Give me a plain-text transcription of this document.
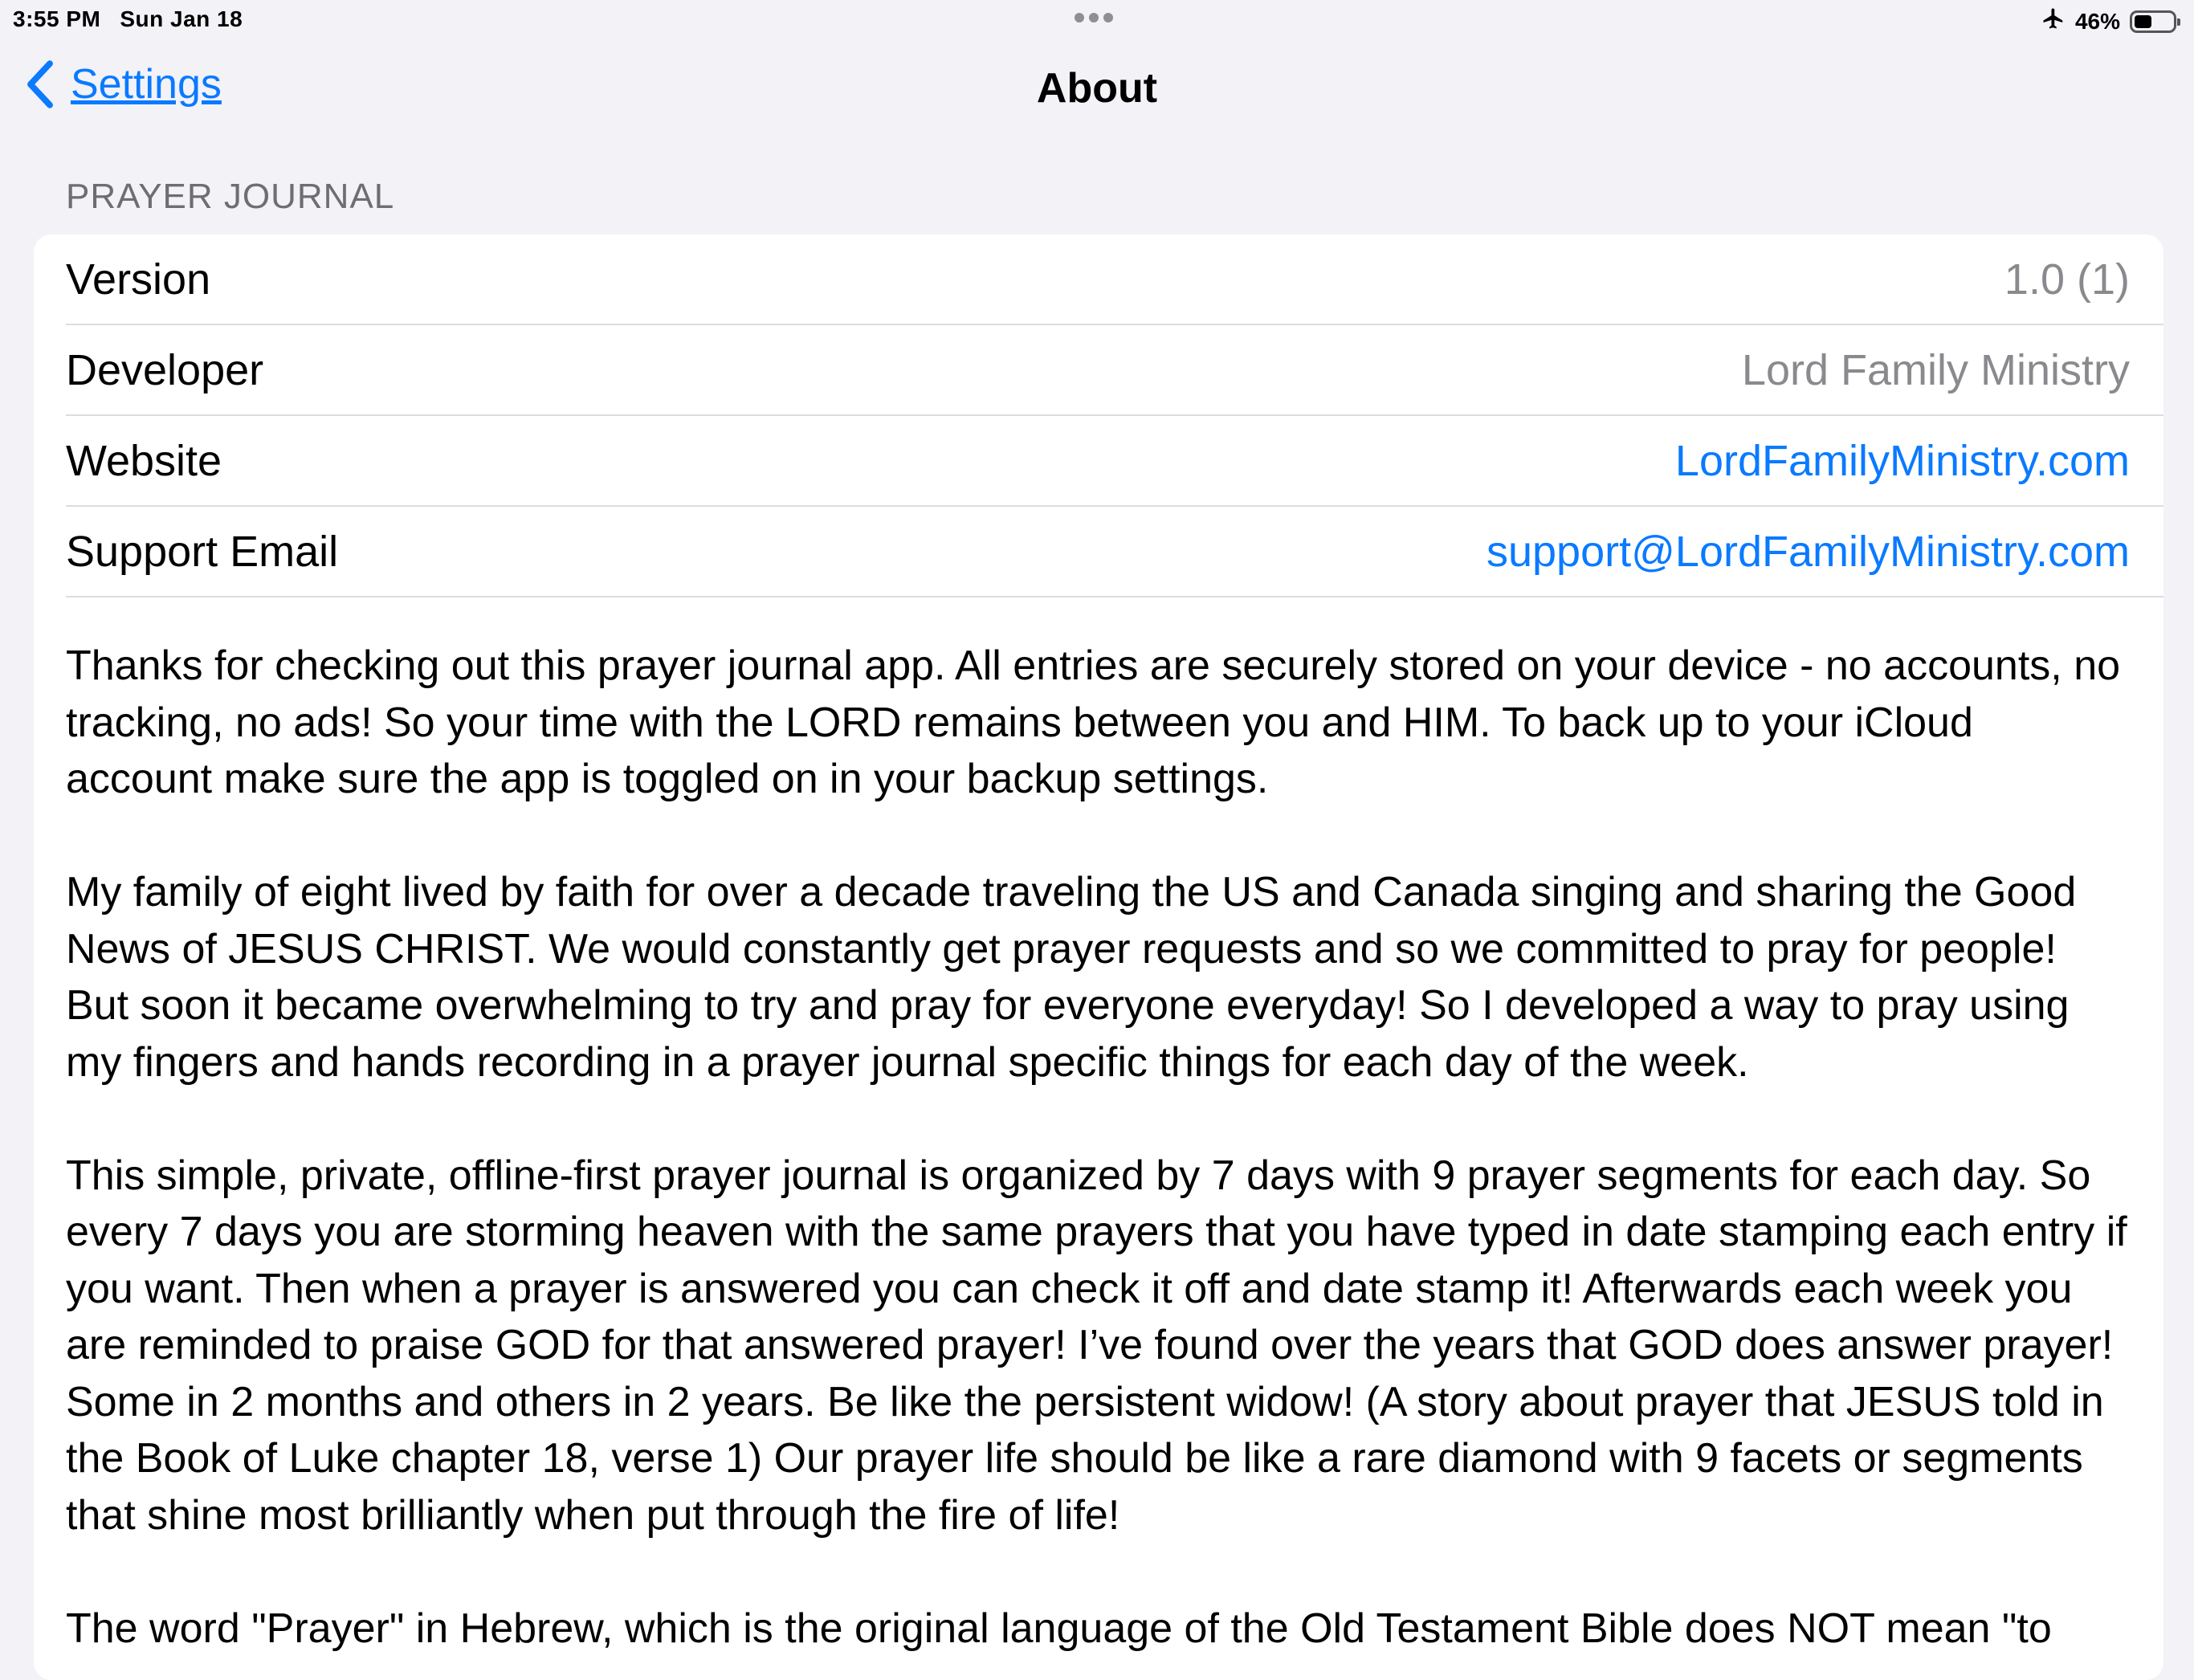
3:55 PM Sun Jan 18	46%
Settings	About
PRAYER JOURNAL
Version	1.0 (1)
Developer	Lord Family Ministry
Website	LordFamilyMinistry.com
Support Email	support@LordFamilyMinistry.com

Thanks for checking out this prayer journal app. All entries are securely stored on your device - no accounts, no tracking, no ads! So your time with the LORD remains between you and HIM. To back up to your iCloud account make sure the app is toggled on in your backup settings.

My family of eight lived by faith for over a decade traveling the US and Canada singing and sharing the Good News of JESUS CHRIST. We would constantly get prayer requests and so we committed to pray for people! But soon it became overwhelming to try and pray for everyone everyday! So I developed a way to pray using my fingers and hands recording in a prayer journal specific things for each day of the week.

This simple, private, offline-first prayer journal is organized by 7 days with 9 prayer segments for each day. So every 7 days you are storming heaven with the same prayers that you have typed in date stamping each entry if you want. Then when a prayer is answered you can check it off and date stamp it! Afterwards each week you are reminded to praise GOD for that answered prayer! I’ve found over the years that GOD does answer prayer! Some in 2 months and others in 2 years. Be like the persistent widow! (A story about prayer that JESUS told in the Book of Luke chapter 18, verse 1) Our prayer life should be like a rare diamond with 9 facets or segments that shine most brilliantly when put through the fire of life!

The word "Prayer" in Hebrew, which is the original language of the Old Testament Bible does NOT mean "to
